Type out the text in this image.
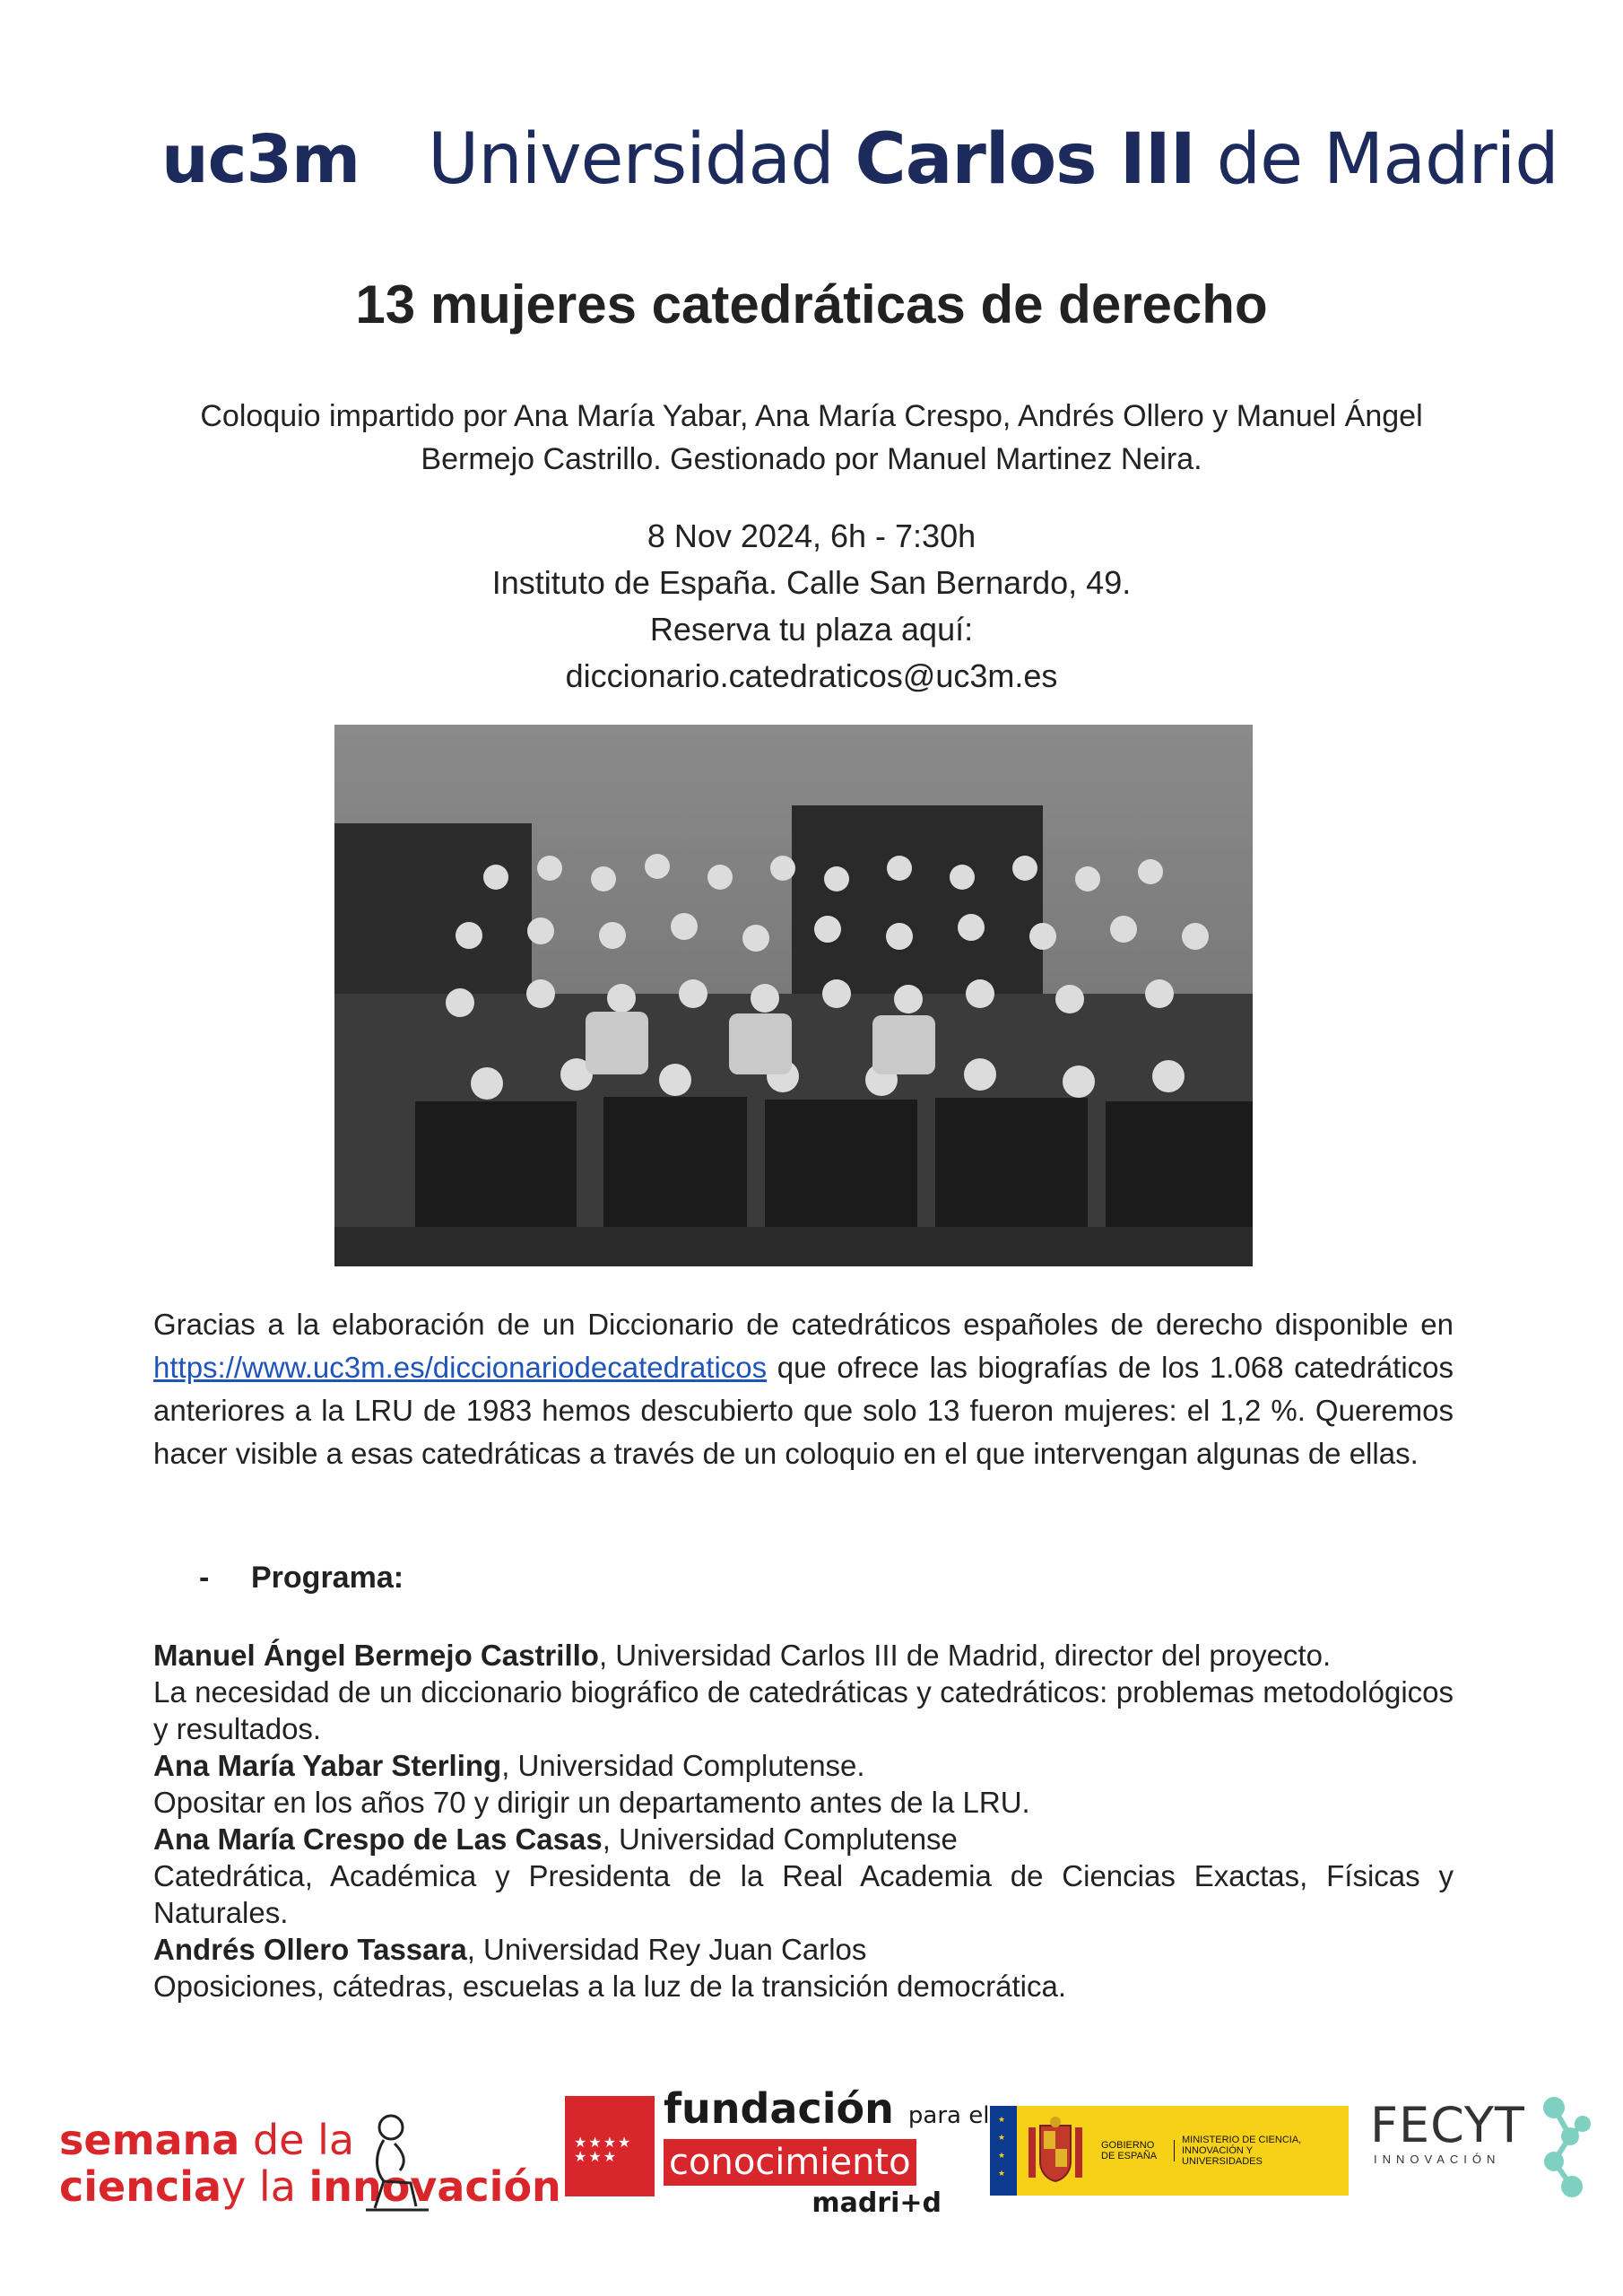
uc3m Universidad Carlos III de Madrid
13 mujeres catedráticas de derecho

Coloquio impartido por Ana María Yabar, Ana María Crespo, Andrés Ollero y Manuel Ángel Bermejo Castrillo. Gestionado por Manuel Martinez Neira.

8 Nov 2024, 6h - 7:30h
Instituto de España. Calle San Bernardo, 49.
Reserva tu plaza aquí:
diccionario.catedraticos@uc3m.es

Gracias a la elaboración de un Diccionario de catedráticos españoles de derecho disponible en https://www.uc3m.es/diccionariodecatedraticos que ofrece las biografías de los 1.068 catedráticos anteriores a la LRU de 1983 hemos descubierto que solo 13 fueron mujeres: el 1,2 %. Queremos hacer visible a esas catedráticas a través de un coloquio en el que intervengan algunas de ellas.

- Programa:
Manuel Ángel Bermejo Castrillo, Universidad Carlos III de Madrid, director del proyecto.
La necesidad de un diccionario biográfico de catedráticas y catedráticos: problemas metodológicos y resultados.
Ana María Yabar Sterling, Universidad Complutense.
Opositar en los años 70 y dirigir un departamento antes de la LRU.
Ana María Crespo de Las Casas, Universidad Complutense
Catedrática, Académica y Presidenta de la Real Academia de Ciencias Exactas, Físicas y Naturales.
Andrés Ollero Tassara, Universidad Rey Juan Carlos
Oposiciones, cátedras, escuelas a la luz de la transición democrática.
semana de la
cienciay la innovación
★★★★
★★★
fundación para el
conocimiento
madri+d
★
★
★
★
GOBIERNO DE ESPAÑA
MINISTERIO DE CIENCIA, INNOVACIÓN Y UNIVERSIDADES
FECYT
INNOVACIÓN
